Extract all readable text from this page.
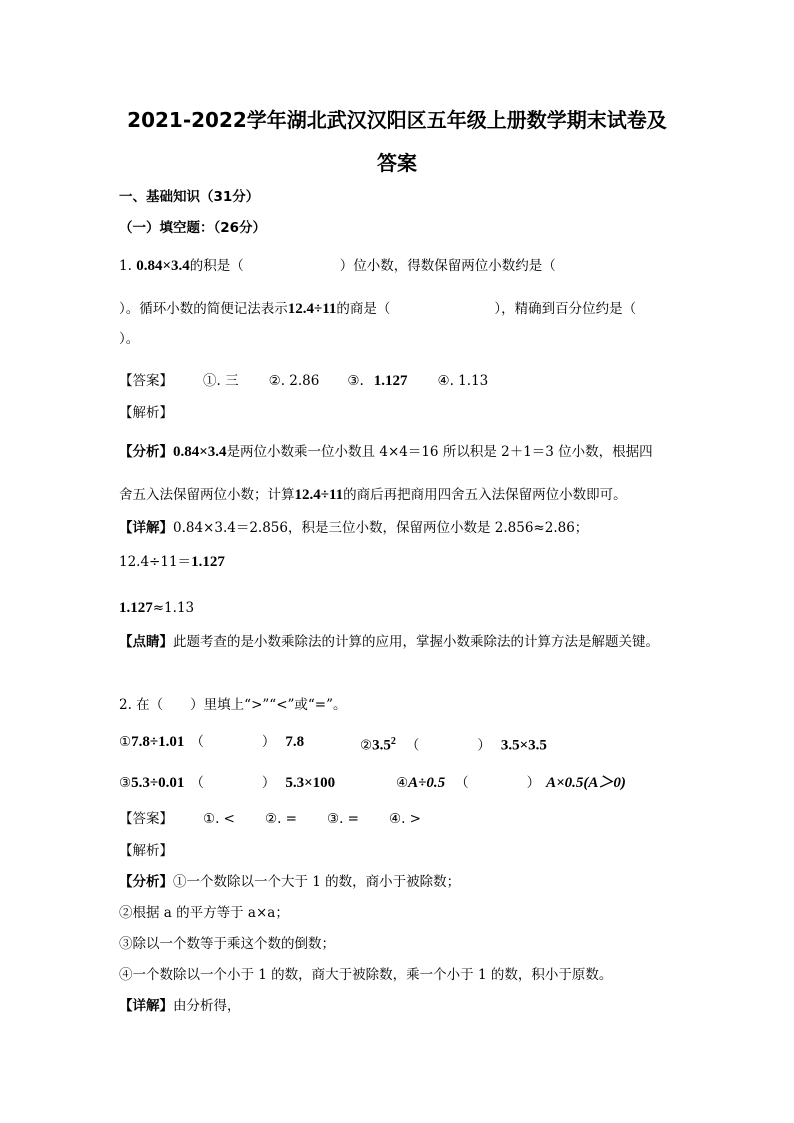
2021-2022学年湖北武汉汉阳区五年级上册数学期末试卷及
答案
一、基础知识（31分）
（一）填空题：（26分）
1. 0.84×3.4的积是（	）位小数，得数保留两位小数约是（
）。循环小数的简便记法表示12.4÷11的商是（	），精确到百分位约是（
）。
【答案】 ①. 三 ②. 2.86 ③. 1.127 ④. 1.13
【解析】
【分析】0.84×3.4是两位小数乘一位小数且 4×4＝16 所以积是 2＋1＝3 位小数，根据四
舍五入法保留两位小数；计算12.4÷11的商后再把商用四舍五入法保留两位小数即可。
【详解】0.84×3.4＝2.856，积是三位小数，保留两位小数是 2.856≈2.86；
12.4÷11＝1.127
1.127≈1.13
【点睛】此题考查的是小数乘除法的计算的应用，掌握小数乘除法的计算方法是解题关键。
2. 在（　　）里填上“>”“<”或“=”。
①7.8÷1.01 （	） 7.8	$②3.5^2$ （	） 3.5×3.5
③5.3÷0.01 （	） 5.3×100	④A÷0.5 （	） A×0.5(A＞0)
【答案】 ①. < ②. = ③. = ④. >
【解析】
【分析】①一个数除以一个大于 1 的数，商小于被除数；
②根据 a 的平方等于 a×a；
③除以一个数等于乘这个数的倒数；
④一个数除以一个小于 1 的数，商大于被除数，乘一个小于 1 的数，积小于原数。
【详解】由分析得，
